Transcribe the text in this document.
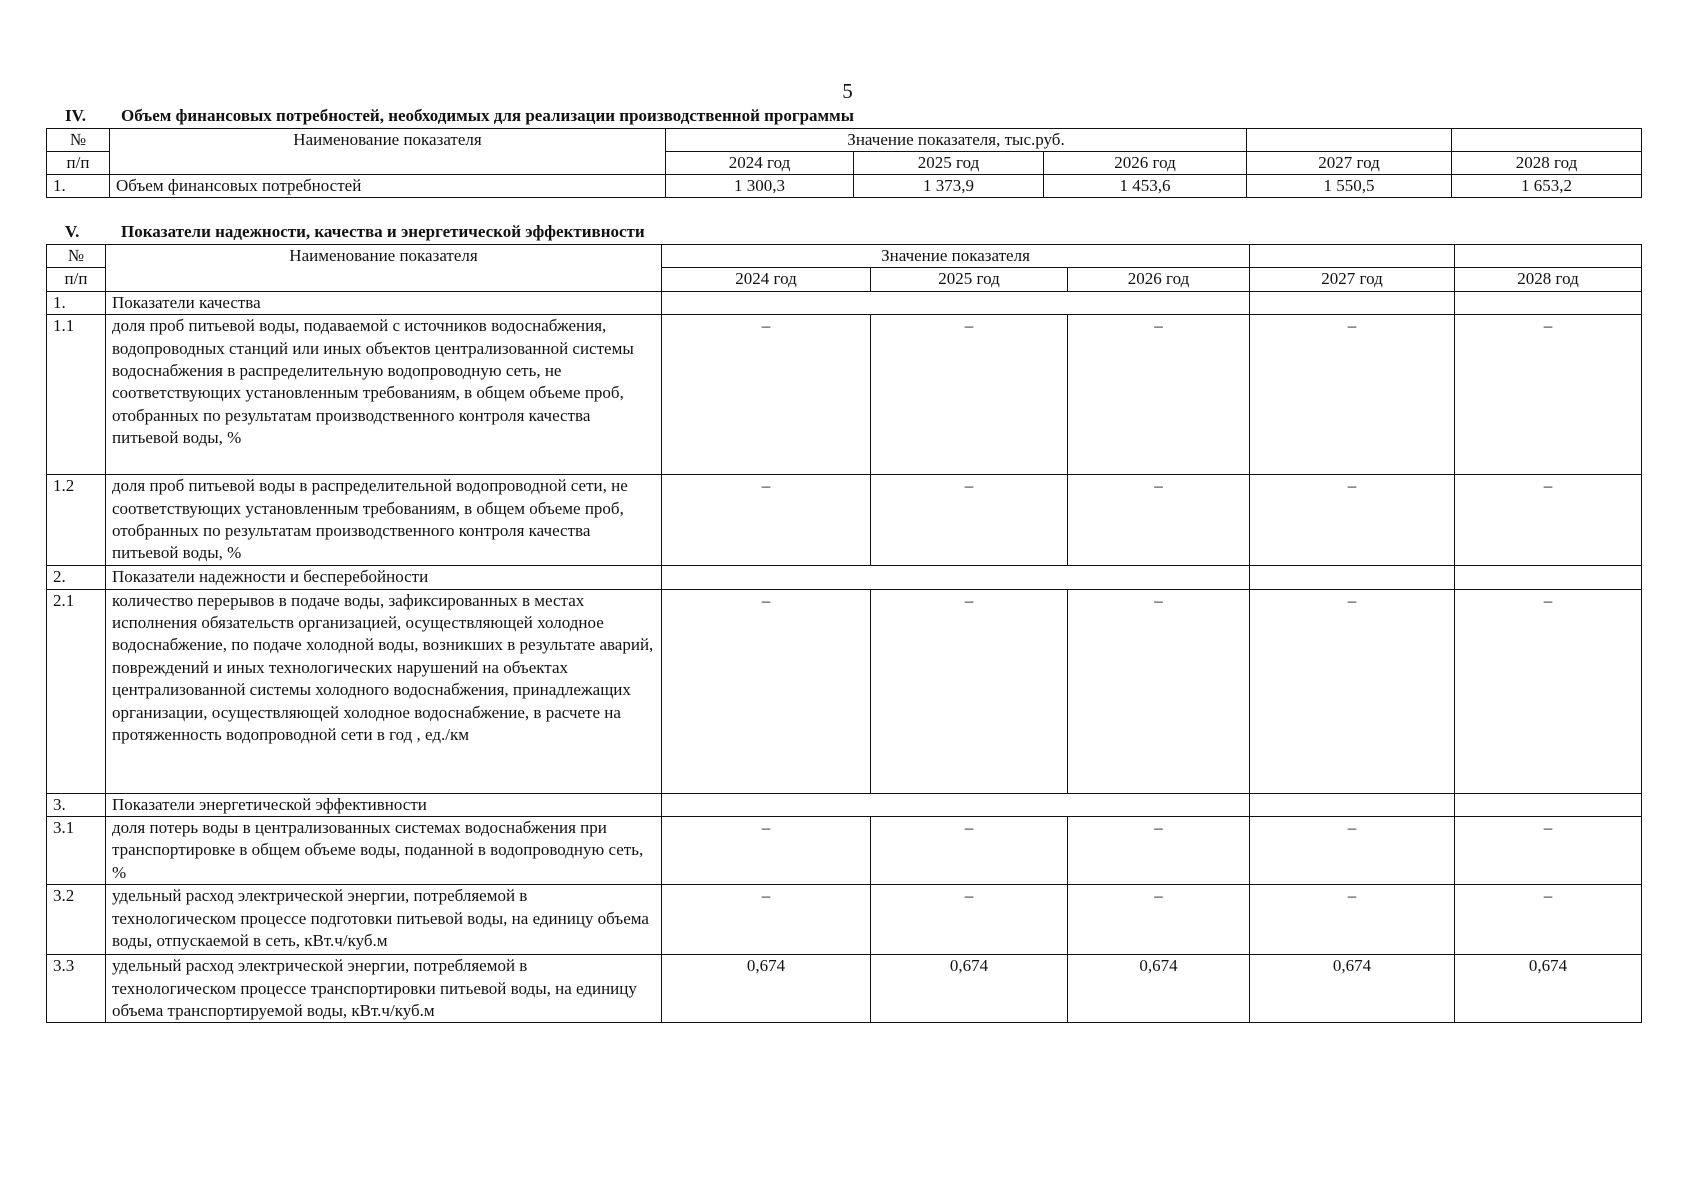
5
IV. Объем финансовых потребностей, необходимых для реализации производственной программы
№	Наименование показателя	Значение показателя, тыс.руб.				
п/п		2024 год	2025 год	2026 год	2027 год	2028 год
1.	Объем финансовых потребностей	1 300,3	1 373,9	1 453,6	1 550,5	1 653,2
V. Показатели надежности, качества и энергетической эффективности
№	Наименование показателя	Значение показателя				
п/п		2024 год	2025 год	2026 год	2027 год	2028 год
1.	Показатели качества					
1.1	доля проб питьевой воды, подаваемой с источников водоснабжения, водопроводных станций или иных объектов централизованной системы водоснабжения в распределительную водопроводную сеть, не соответствующих установленным требованиям, в общем объеме проб, отобранных по результатам производственного контроля качества питьевой воды, %	–	–	–	–	–
1.2	доля проб питьевой воды в распределительной водопроводной сети, не соответствующих установленным требованиям, в общем объеме проб, отобранных по результатам производственного контроля качества питьевой воды, %	–	–	–	–	–
2.	Показатели надежности и бесперебойности					
2.1	количество перерывов в подаче воды, зафиксированных в местах исполнения обязательств организацией, осуществляющей холодное водоснабжение, по подаче холодной воды, возникших в результате аварий, повреждений и иных технологических нарушений на объектах централизованной системы холодного водоснабжения, принадлежащих организации, осуществляющей холодное водоснабжение, в расчете на протяженность водопроводной сети в год , ед./км	–	–	–	–	–
3.	Показатели энергетической эффективности					
3.1	доля потерь воды в централизованных системах водоснабжения при транспортировке в общем объеме воды, поданной в водопроводную сеть, %	–	–	–	–	–
3.2	удельный расход электрической энергии, потребляемой в технологическом процессе подготовки питьевой воды, на единицу объема воды, отпускаемой в сеть, кВт.ч/куб.м	–	–	–	–	–
3.3	удельный расход электрической энергии, потребляемой в технологическом процессе транспортировки питьевой воды, на единицу объема транспортируемой воды, кВт.ч/куб.м	0,674	0,674	0,674	0,674	0,674
